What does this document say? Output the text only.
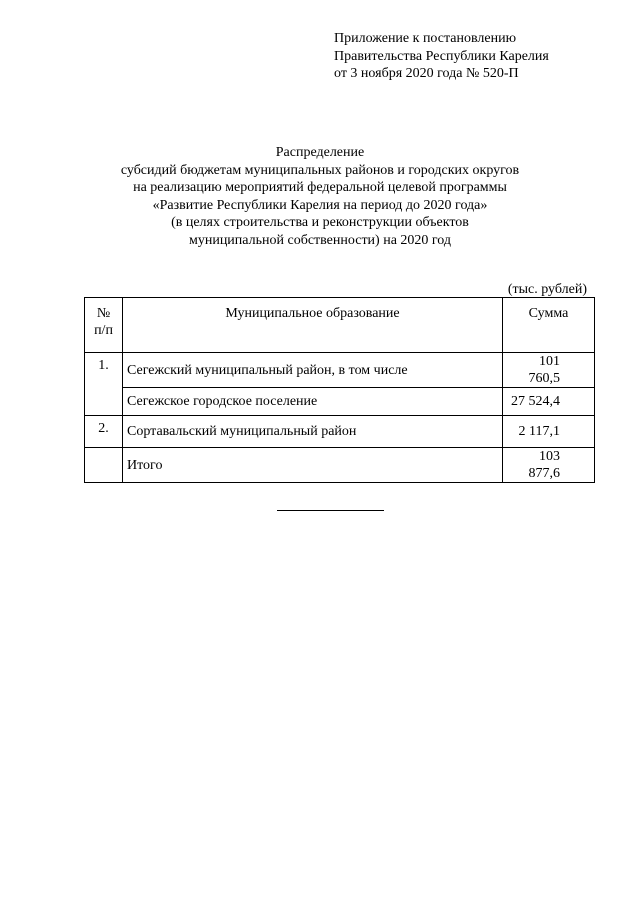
Приложение к постановлению
Правительства Республики Карелия
от 3 ноября 2020 года № 520-П
Распределение
субсидий бюджетам муниципальных районов и городских округов
на реализацию мероприятий федеральной целевой программы
«Развитие Республики Карелия на период до 2020 года»
(в целях строительства и реконструкции объектов
муниципальной собственности) на 2020 год
(тыс. рублей)
№
п/п	Муниципальное образование	Сумма
1.	Сегежский муниципальный район, в том числе	101 760,5
	Сегежское городское поселение	27 524,4
2.	Сортавальский муниципальный район	2 117,1
	Итого	103 877,6
